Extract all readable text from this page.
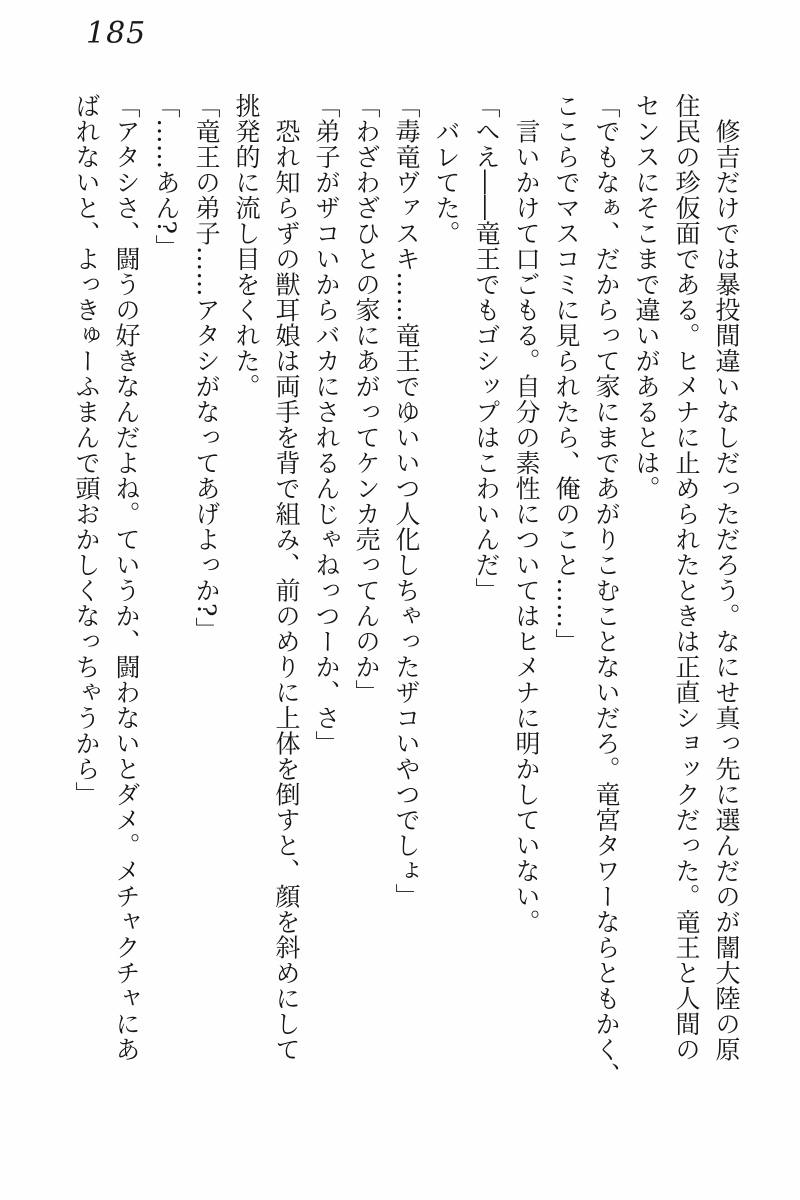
185

　修吉だけでは暴投間違いなしだっただろう。なにせ真っ先に選んだのが闇大陸の原

住民の珍仮面である。ヒメナに止められたときは正直ショックだった。竜王と人間の

センスにそこまで違いがあるとは。

「でもなぁ、だからって家にまであがりこむことないだろ。竜宮タワーならともかく、

ここらでマスコミに見られたら、俺のこと……」

　言いかけて口ごもる。自分の素性についてはヒメナに明かしていない。

「へえ――竜王でもゴシップはこわいんだ」

　バレてた。

「毒竜ヴァスキ……竜王でゆいいつ人化しちゃったザコいやつでしょ」

「わざわざひとの家にあがってケンカ売ってんのか」

「弟子がザコいからバカにされるんじゃねっつーか、さ」

　恐れ知らずの獣耳娘は両手を背で組み、前のめりに上体を倒すと、顔を斜めにして

挑発的に流し目をくれた。

「竜王の弟子……アタシがなってあげよっか?」

「……あん?」

「アタシさ、闘うの好きなんだよね。ていうか、闘わないとダメ。メチャクチャにあ

ばれないと、よっきゅーふまんで頭おかしくなっちゃうから」
